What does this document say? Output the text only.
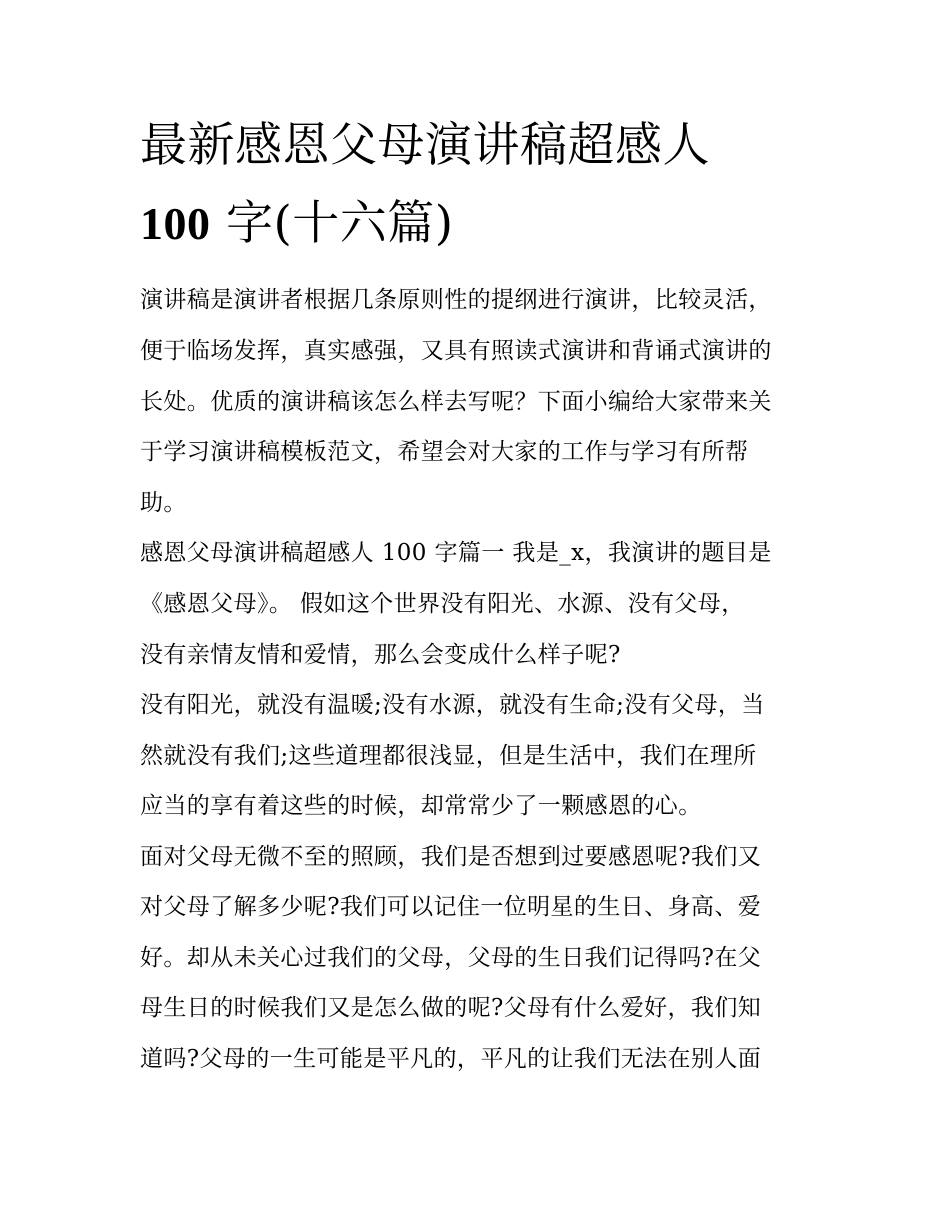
最新感恩父母演讲稿超感人
100 字(十六篇)
演讲稿是演讲者根据几条原则性的提纲进行演讲，比较灵活，
便于临场发挥，真实感强，又具有照读式演讲和背诵式演讲的
长处。优质的演讲稿该怎么样去写呢？下面小编给大家带来关
于学习演讲稿模板范文，希望会对大家的工作与学习有所帮
助。
感恩父母演讲稿超感人 100 字篇一 我是_x，我演讲的题目是
《感恩父母》。 假如这个世界没有阳光、水源、没有父母，
没有亲情友情和爱情，那么会变成什么样子呢?
没有阳光，就没有温暖;没有水源，就没有生命;没有父母，当
然就没有我们;这些道理都很浅显，但是生活中，我们在理所
应当的享有着这些的时候，却常常少了一颗感恩的心。
面对父母无微不至的照顾，我们是否想到过要感恩呢?我们又
对父母了解多少呢?我们可以记住一位明星的生日、身高、爱
好。却从未关心过我们的父母，父母的生日我们记得吗?在父
母生日的时候我们又是怎么做的呢?父母有什么爱好，我们知
道吗?父母的一生可能是平凡的，平凡的让我们无法在别人面
